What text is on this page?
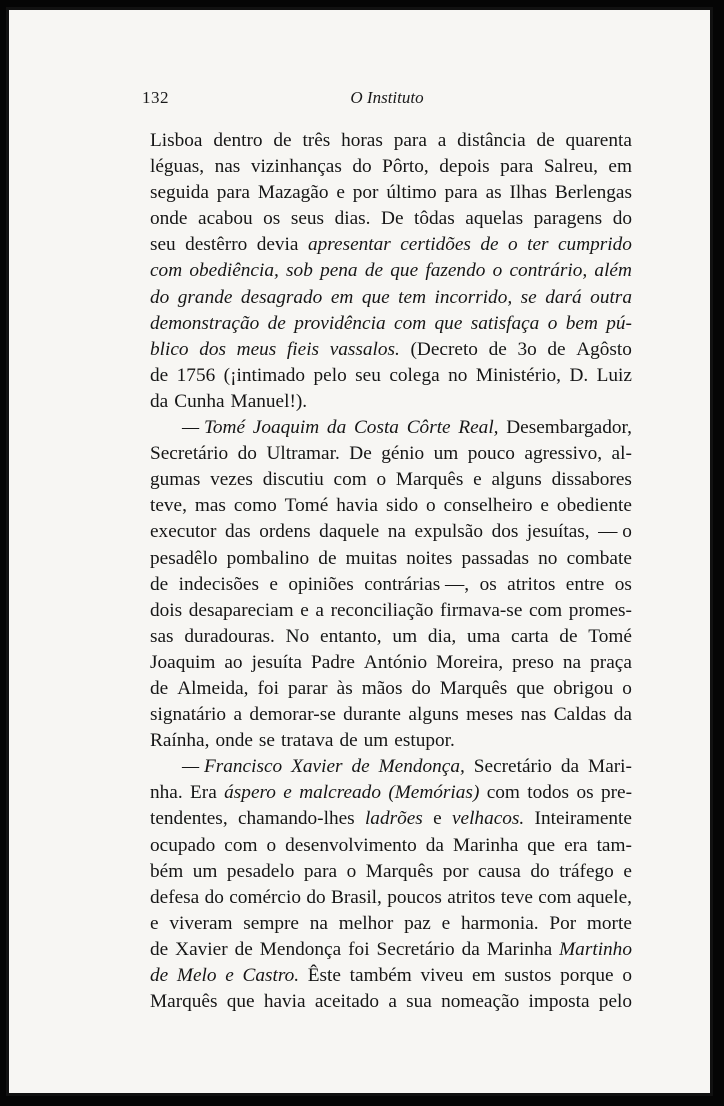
132	O Instituto
Lisboa dentro de três horas para a distância de quarenta
léguas, nas vizinhanças do Pôrto, depois para Salreu, em
seguida para Mazagão e por último para as Ilhas Berlengas
onde acabou os seus dias. De tôdas aquelas paragens do
seu destêrro devia apresentar certidões de o ter cumprido
com obediência, sob pena de que fazendo o contrário, além
do grande desagrado em que tem incorrido, se dará outra
demonstração de providência com que satisfaça o bem pú-
blico dos meus fieis vassalos. (Decreto de 3o de Agôsto
de 1756 (¡intimado pelo seu colega no Ministério, D. Luiz
da Cunha Manuel!).
— Tomé Joaquim da Costa Côrte Real, Desembargador,
Secretário do Ultramar. De génio um pouco agressivo, al-
gumas vezes discutiu com o Marquês e alguns dissabores
teve, mas como Tomé havia sido o conselheiro e obediente
executor das ordens daquele na expulsão dos jesuítas, — o
pesadêlo pombalino de muitas noites passadas no combate
de indecisões e opiniões contrárias —, os atritos entre os
dois desapareciam e a reconciliação firmava-se com promes-
sas duradouras. No entanto, um dia, uma carta de Tomé
Joaquim ao jesuíta Padre António Moreira, preso na praça
de Almeida, foi parar às mãos do Marquês que obrigou o
signatário a demorar-se durante alguns meses nas Caldas da
Raínha, onde se tratava de um estupor.
— Francisco Xavier de Mendonça, Secretário da Mari-
nha. Era áspero e malcreado (Memórias) com todos os pre-
tendentes, chamando-lhes ladrões e velhacos. Inteiramente
ocupado com o desenvolvimento da Marinha que era tam-
bém um pesadelo para o Marquês por causa do tráfego e
defesa do comércio do Brasil, poucos atritos teve com aquele,
e viveram sempre na melhor paz e harmonia. Por morte
de Xavier de Mendonça foi Secretário da Marinha Martinho
de Melo e Castro. Êste também viveu em sustos porque o
Marquês que havia aceitado a sua nomeação imposta pelo
